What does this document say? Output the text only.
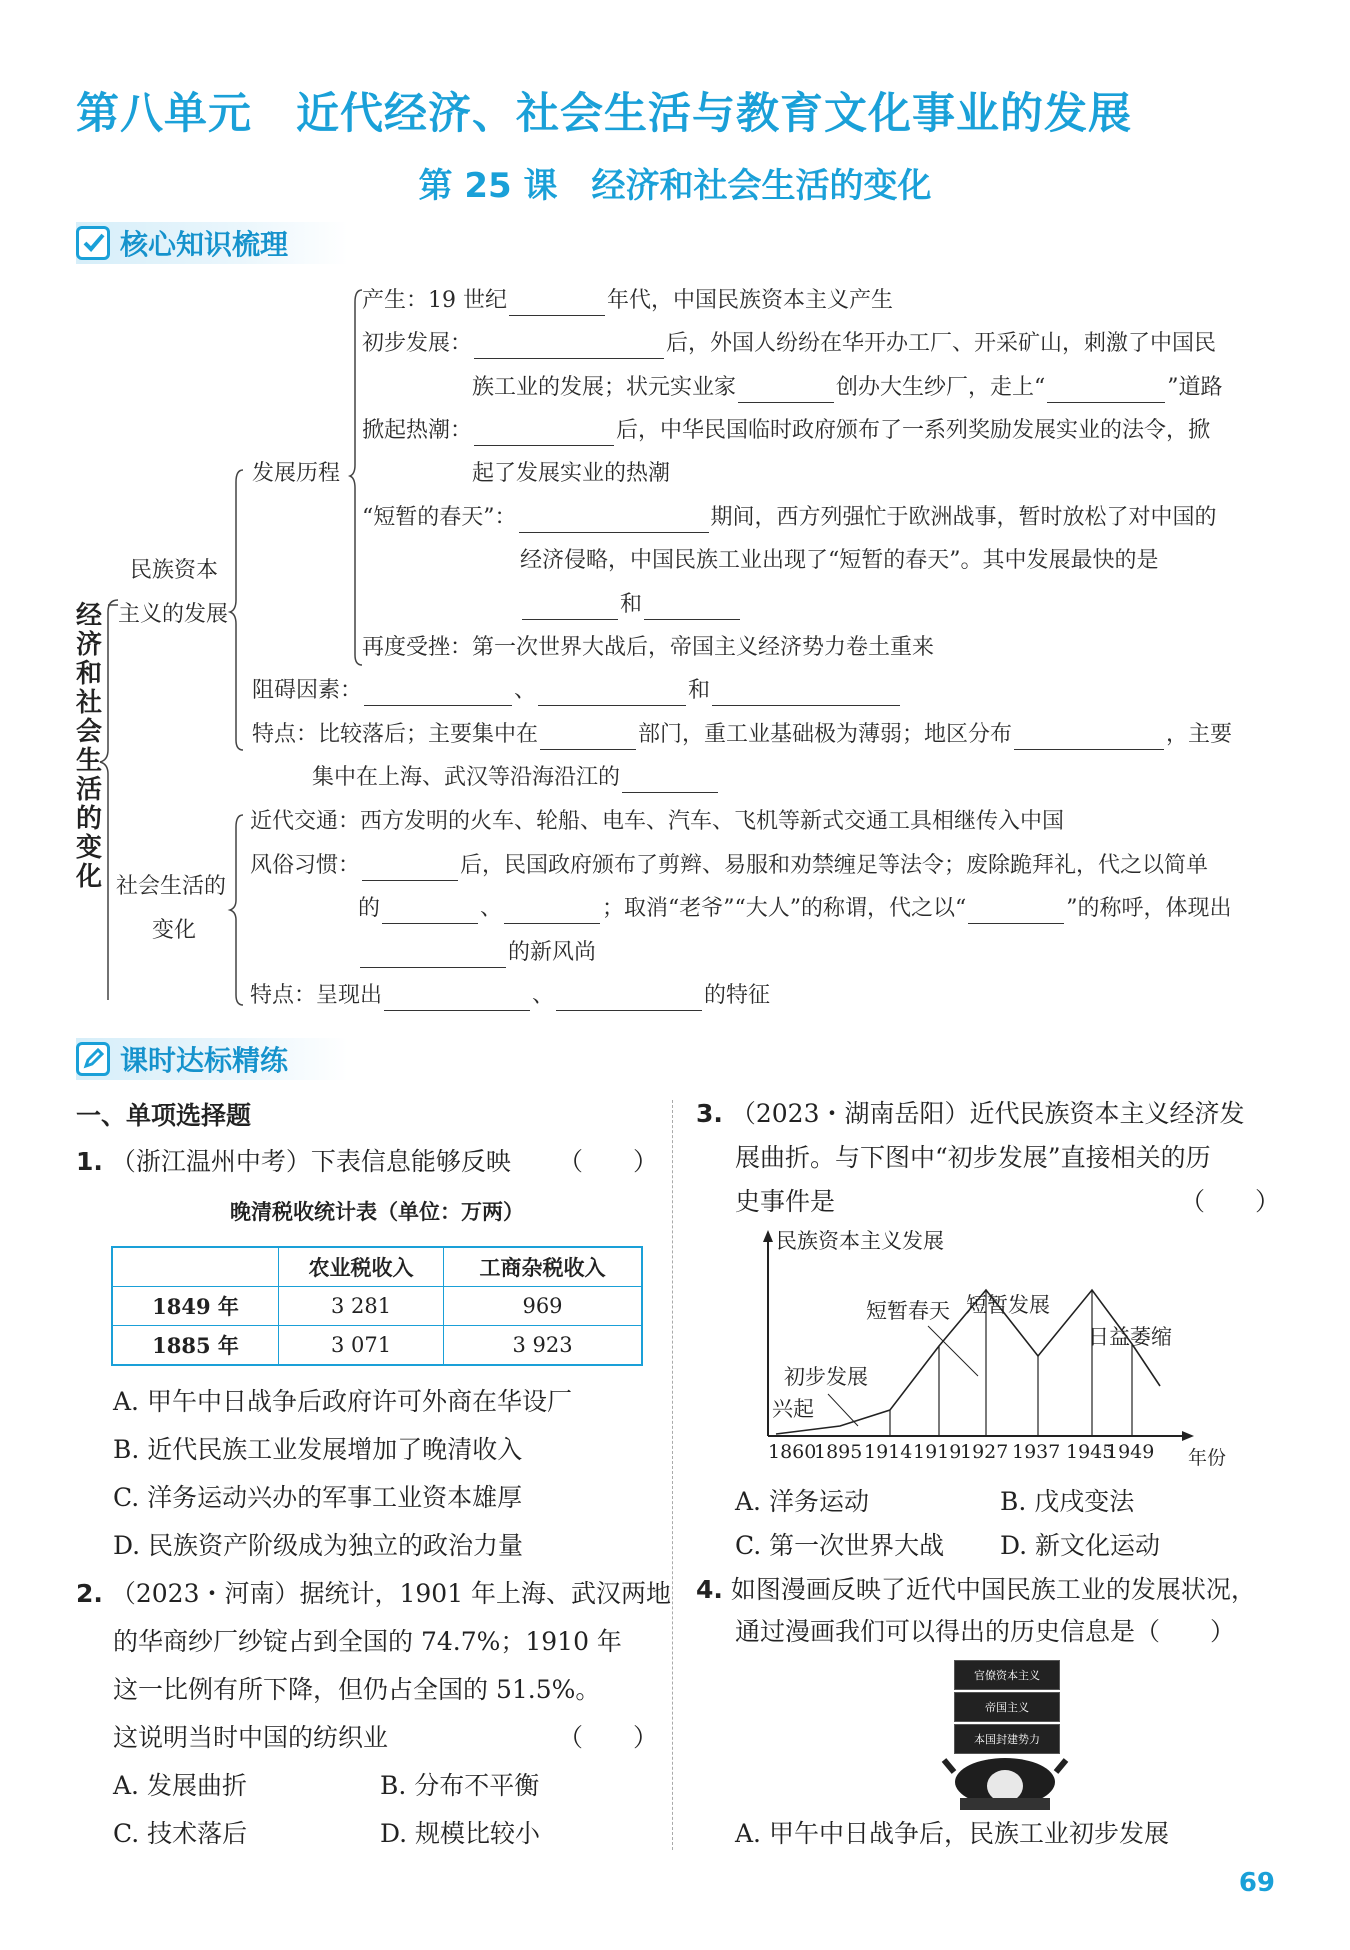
第八单元　近代经济、社会生活与教育文化事业的发展
第 25 课　经济和社会生活的变化
核心知识梳理
经济和社会生活的变化
民族资本
主义的发展
发展历程
产生：19 世纪	年代，中国民族资本主义产生
初步发展：	后，外国人纷纷在华开办工厂、开采矿山，刺激了中国民
族工业的发展；状元实业家	创办大生纱厂，走上“	”道路
掀起热潮：	后，中华民国临时政府颁布了一系列奖励发展实业的法令，掀
起了发展实业的热潮
“短暂的春天”：	期间，西方列强忙于欧洲战事，暂时放松了对中国的
经济侵略，中国民族工业出现了“短暂的春天”。其中发展最快的是
和
再度受挫：第一次世界大战后，帝国主义经济势力卷土重来
阻碍因素：	、	和
特点：比较落后；主要集中在	部门，重工业基础极为薄弱；地区分布	，主要
集中在上海、武汉等沿海沿江的
社会生活的
变化
近代交通：西方发明的火车、轮船、电车、汽车、飞机等新式交通工具相继传入中国
风俗习惯：	后，民国政府颁布了剪辫、易服和劝禁缠足等法令；废除跪拜礼，代之以简单
的	、	；取消“老爷”“大人”的称谓，代之以“	”的称呼，体现出
的新风尚
特点：呈现出	、	的特征
课时达标精练
一、单项选择题
1. （浙江温州中考）下表信息能够反映 （　　）
晚清税收统计表（单位：万两）
	农业税收入	工商杂税收入
1849 年	3 281	969
1885 年	3 071	3 923
A. 甲午中日战争后政府许可外商在华设厂
B. 近代民族工业发展增加了晚清收入
C. 洋务运动兴办的军事工业资本雄厚
D. 民族资产阶级成为独立的政治力量
2. （2023・河南）据统计，1901 年上海、武汉两地
的华商纱厂纱锭占到全国的 74.7%；1910 年
这一比例有所下降，但仍占全国的 51.5%。
这说明当时中国的纺织业	（　　）
A. 发展曲折	B. 分布不平衡
C. 技术落后	D. 规模比较小
3. （2023・湖南岳阳）近代民族资本主义经济发
展曲折。与下图中“初步发展”直接相关的历
史事件是	（　　）
民族资本主义发展
年份
1860
1895 1914 1919
1927 1937 1945
1949
兴起
初步发展
短暂春天 短暂发展
日益萎缩
A. 洋务运动	B. 戊戌变法
C. 第一次世界大战 D. 新文化运动
4. 如图漫画反映了近代中国民族工业的发展状况，
通过漫画我们可以得出的历史信息是（　　）
官僚资本主义
帝国主义
本国封建势力
A. 甲午中日战争后，民族工业初步发展
69
